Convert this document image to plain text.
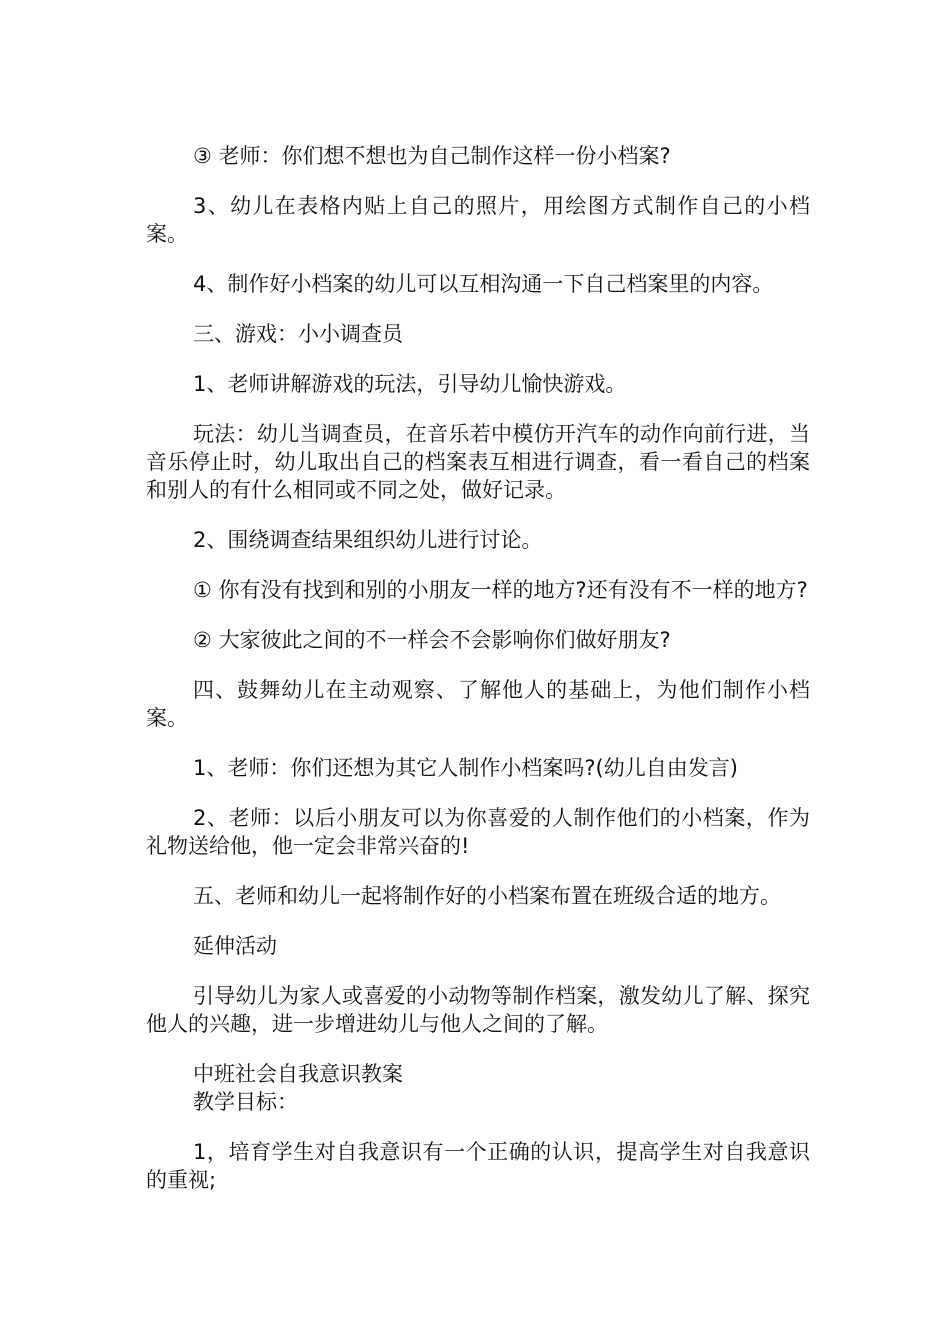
③ 老师：你们想不想也为自己制作这样一份小档案?

3、幼儿在表格内贴上自己的照片，用绘图方式制作自己的小档案。

4、制作好小档案的幼儿可以互相沟通一下自己档案里的内容。

三、游戏：小小调查员

1、老师讲解游戏的玩法，引导幼儿愉快游戏。

玩法：幼儿当调查员，在音乐若中模仿开汽车的动作向前行进，当音乐停止时，幼儿取出自己的档案表互相进行调查，看一看自己的档案和别人的有什么相同或不同之处，做好记录。

2、围绕调查结果组织幼儿进行讨论。

① 你有没有找到和别的小朋友一样的地方?还有没有不一样的地方?

② 大家彼此之间的不一样会不会影响你们做好朋友?

四、鼓舞幼儿在主动观察、了解他人的基础上，为他们制作小档案。

1、老师：你们还想为其它人制作小档案吗?(幼儿自由发言)

2、老师：以后小朋友可以为你喜爱的人制作他们的小档案，作为礼物送给他，他一定会非常兴奋的!

五、老师和幼儿一起将制作好的小档案布置在班级合适的地方。

延伸活动

引导幼儿为家人或喜爱的小动物等制作档案，激发幼儿了解、探究他人的兴趣，进一步增进幼儿与他人之间的了解。

中班社会自我意识教案

教学目标：

1，培育学生对自我意识有一个正确的认识，提高学生对自我意识的重视;
